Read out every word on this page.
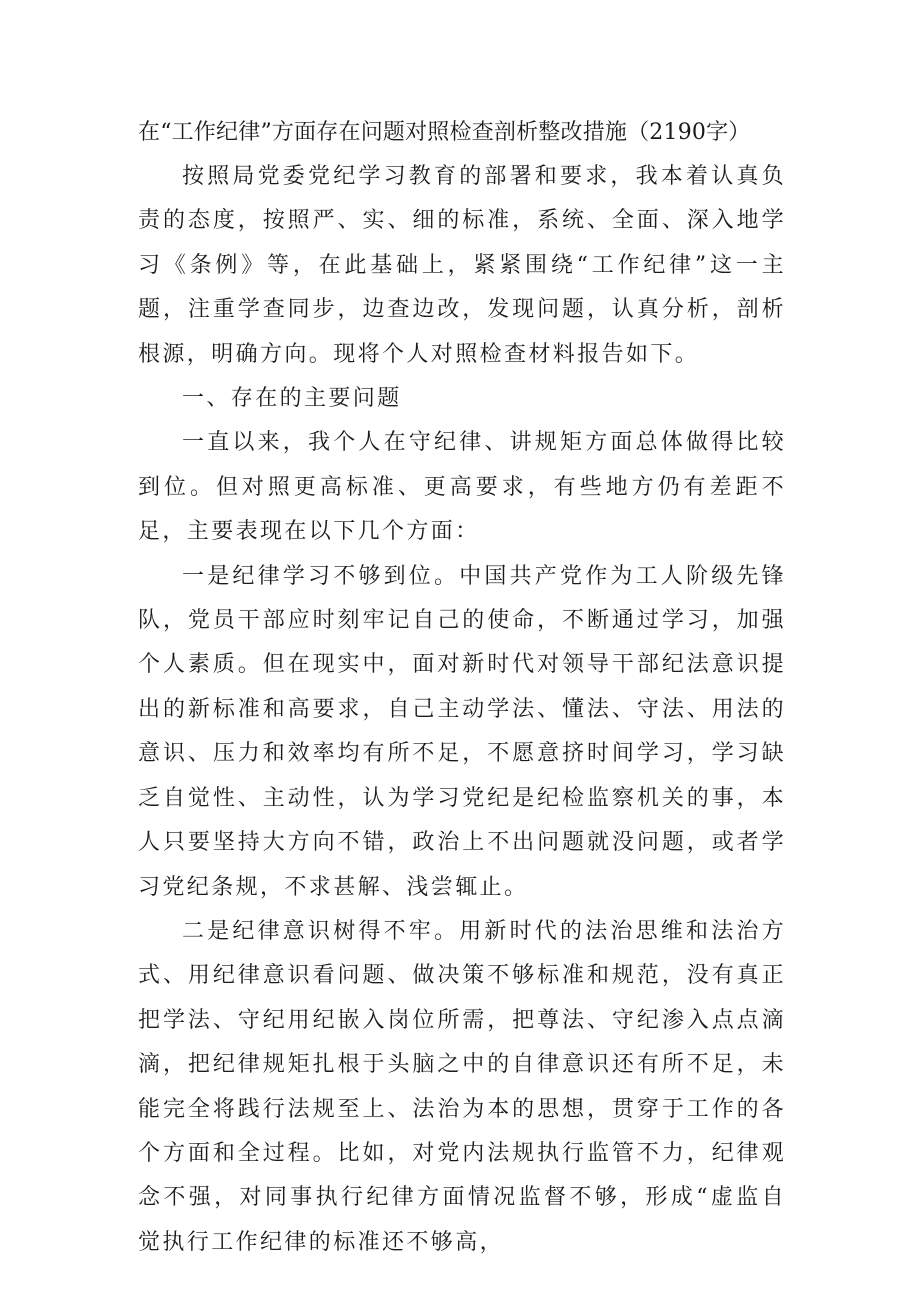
在“工作纪律”方面存在问题对照检查剖析整改措施（2190字）

按照局党委党纪学习教育的部署和要求，我本着认真负责的态度，按照严、实、细的标准，系统、全面、深入地学习《条例》等，在此基础上，紧紧围绕“工作纪律”这一主题，注重学查同步，边查边改，发现问题，认真分析，剖析根源，明确方向。现将个人对照检查材料报告如下。

一、存在的主要问题

一直以来，我个人在守纪律、讲规矩方面总体做得比较到位。但对照更高标准、更高要求，有些地方仍有差距不足，主要表现在以下几个方面：

一是纪律学习不够到位。中国共产党作为工人阶级先锋队，党员干部应时刻牢记自己的使命，不断通过学习，加强个人素质。但在现实中，面对新时代对领导干部纪法意识提出的新标准和高要求，自己主动学法、懂法、守法、用法的意识、压力和效率均有所不足，不愿意挤时间学习，学习缺乏自觉性、主动性，认为学习党纪是纪检监察机关的事，本人只要坚持大方向不错，政治上不出问题就没问题，或者学习党纪条规，不求甚解、浅尝辄止。

二是纪律意识树得不牢。用新时代的法治思维和法治方式、用纪律意识看问题、做决策不够标准和规范，没有真正把学法、守纪用纪嵌入岗位所需，把尊法、守纪渗入点点滴滴，把纪律规矩扎根于头脑之中的自律意识还有所不足，未能完全将践行法规至上、法治为本的思想，贯穿于工作的各个方面和全过程。比如，对党内法规执行监管不力，纪律观念不强，对同事执行纪律方面情况监督不够，形成“虚监自觉执行工作纪律的标准还不够高，
